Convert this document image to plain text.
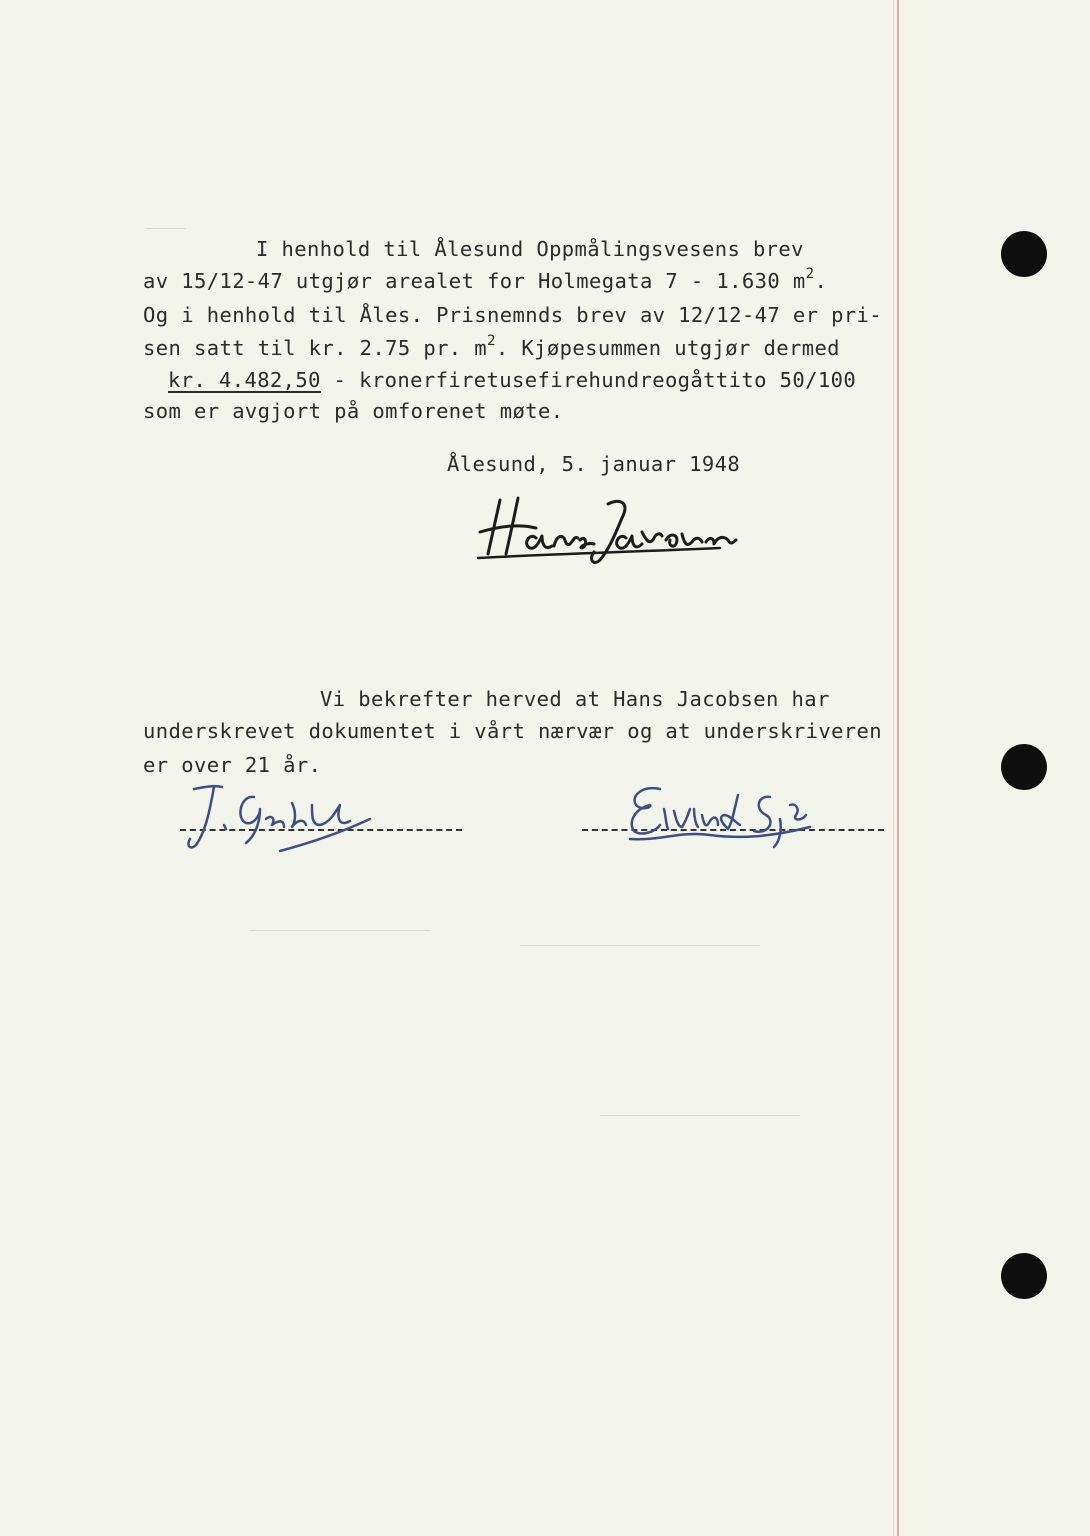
I henhold til Ålesund Oppmålingsvesens brev
av 15/12-47 utgjør arealet for Holmegata 7 - 1.630 $m^2$.
Og i henhold til Åles. Prisnemnds brev av 12/12-47 er pri-
sen satt til kr. 2.75 pr. $m^2$. Kjøpesummen utgjør dermed
kr. 4.482,50 - kronerfiretusefirehundreogåttito 50/100
som er avgjort på omforenet møte.
Ålesund, 5. januar 1948
Vi bekrefter herved at Hans Jacobsen har
underskrevet dokumentet i vårt nærvær og at underskriveren
er over 21 år.
